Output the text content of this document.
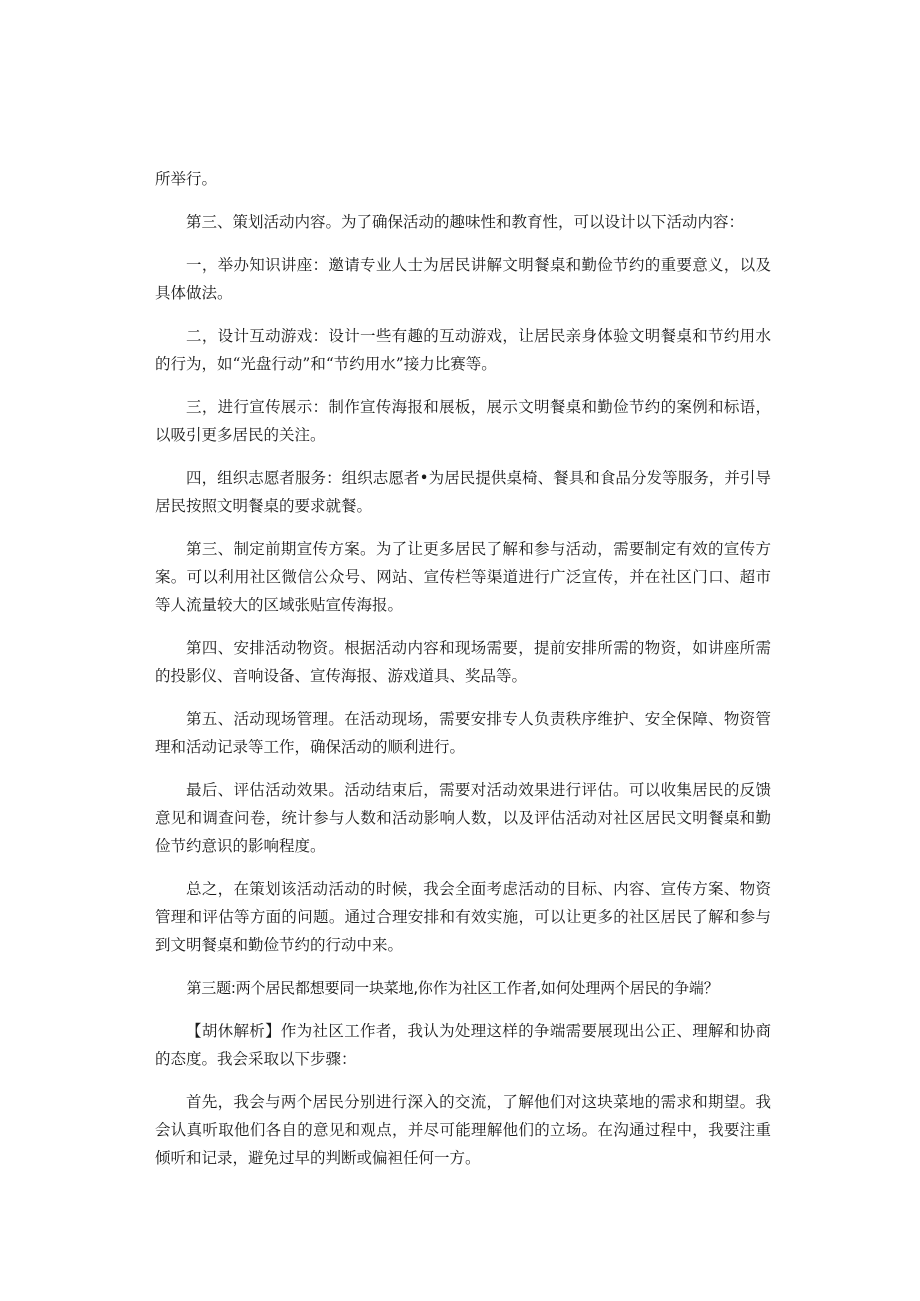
所举行。

第三、策划活动内容。为了确保活动的趣味性和教育性，可以设计以下活动内容：

一，举办知识讲座：邀请专业人士为居民讲解文明餐桌和勤俭节约的重要意义，以及具体做法。

二，设计互动游戏：设计一些有趣的互动游戏，让居民亲身体验文明餐桌和节约用水的行为，如“光盘行动”和“节约用水”接力比赛等。

三，进行宣传展示：制作宣传海报和展板，展示文明餐桌和勤俭节约的案例和标语，以吸引更多居民的关注。

四，组织志愿者服务：组织志愿者•为居民提供桌椅、餐具和食品分发等服务，并引导居民按照文明餐桌的要求就餐。

第三、制定前期宣传方案。为了让更多居民了解和参与活动，需要制定有效的宣传方案。可以利用社区微信公众号、网站、宣传栏等渠道进行广泛宣传，并在社区门口、超市等人流量较大的区域张贴宣传海报。

第四、安排活动物资。根据活动内容和现场需要，提前安排所需的物资，如讲座所需的投影仪、音响设备、宣传海报、游戏道具、奖品等。

第五、活动现场管理。在活动现场，需要安排专人负责秩序维护、安全保障、物资管理和活动记录等工作，确保活动的顺利进行。

最后、评估活动效果。活动结束后，需要对活动效果进行评估。可以收集居民的反馈意见和调查问卷，统计参与人数和活动影响人数，以及评估活动对社区居民文明餐桌和勤俭节约意识的影响程度。

总之，在策划该活动活动的时候，我会全面考虑活动的目标、内容、宣传方案、物资管理和评估等方面的问题。通过合理安排和有效实施，可以让更多的社区居民了解和参与到文明餐桌和勤俭节约的行动中来。

第三题:两个居民都想要同一块菜地,你作为社区工作者,如何处理两个居民的争端？

【胡休解析】作为社区工作者，我认为处理这样的争端需要展现出公正、理解和协商的态度。我会采取以下步骤：

首先，我会与两个居民分别进行深入的交流，了解他们对这块菜地的需求和期望。我会认真听取他们各自的意见和观点，并尽可能理解他们的立场。在沟通过程中，我要注重倾听和记录，避免过早的判断或偏袒任何一方。
